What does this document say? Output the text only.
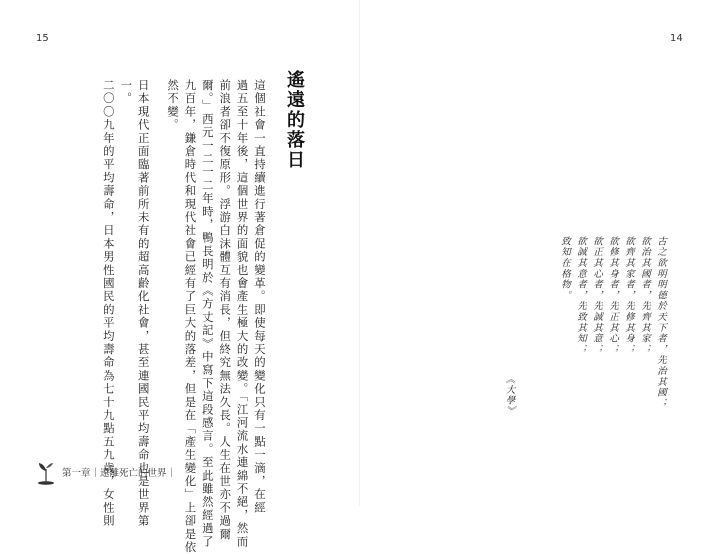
15	14
遙遠的落日
古之欲明明德於天下者，先治其國；
欲治其國者，先齊其家；
欲齊其家者，先修其身；
欲修其身者，先正其心；
欲正其心者，先誠其意；
欲誠其意者，先致其知；
致知在格物。
《大學》
這個社會一直持續進行著倉促的變革。即使每天的變化只有一點一滴，在經
過五至十年後，這個世界的面貌也會產生極大的改變。「江河流水連綿不絕，然而
前浪者卻不復原形。浮游白沫體互有消長，但終究無法久長。人生在世亦不過爾
爾。」西元一二一二年時，鴨長明於《方丈記》中寫下這段感言。至此雖然經過了
九百年，鎌倉時代和現代社會已經有了巨大的落差，但是在「產生變化」上卻是依
然不變。
日本現代正面臨著前所未有的超高齡化社會，甚至連國民平均壽命也是世界第
一。
二〇〇九年的平均壽命，日本男性國民的平均壽命為七十九點五九歲，女性則
第一章｜遠離死亡的世界｜
